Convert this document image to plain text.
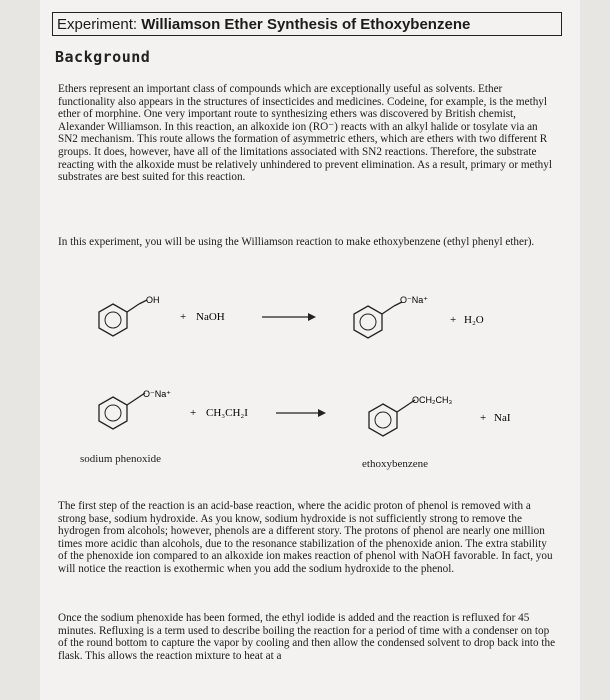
Experiment: Williamson Ether Synthesis of Ethoxybenzene
Background
Ethers represent an important class of compounds which are exceptionally useful as solvents. Ether functionality also appears in the structures of insecticides and medicines. Codeine, for example, is the methyl ether of morphine. One very important route to synthesizing ethers was discovered by British chemist, Alexander Williamson. In this reaction, an alkoxide ion (RO⁻) reacts with an alkyl halide or tosylate via an SN2 mechanism. This route allows the formation of asymmetric ethers, which are ethers with two different R groups. It does, however, have all of the limitations associated with SN2 reactions. Therefore, the substrate reacting with the alkoxide must be relatively unhindered to prevent elimination. As a result, primary or methyl substrates are best suited for this reaction.
In this experiment, you will be using the Williamson reaction to make ethoxybenzene (ethyl phenyl ether).
OH
+ NaOH
O⁻Na⁺
+ H₂O
O⁻Na⁺
+ CH₃CH₂I
OCH₂CH₃
+ NaI
sodium phenoxide	ethoxybenzene
The first step of the reaction is an acid-base reaction, where the acidic proton of phenol is removed with a strong base, sodium hydroxide. As you know, sodium hydroxide is not sufficiently strong to remove the hydrogen from alcohols; however, phenols are a different story. The protons of phenol are nearly one million times more acidic than alcohols, due to the resonance stabilization of the phenoxide anion. The extra stability of the phenoxide ion compared to an alkoxide ion makes reaction of phenol with NaOH favorable. In fact, you will notice the reaction is exothermic when you add the sodium hydroxide to the phenol.
Once the sodium phenoxide has been formed, the ethyl iodide is added and the reaction is refluxed for 45 minutes. Refluxing is a term used to describe boiling the reaction for a period of time with a condenser on top of the round bottom to capture the vapor by cooling and then allow the condensed solvent to drop back into the flask. This allows the reaction mixture to heat at a
